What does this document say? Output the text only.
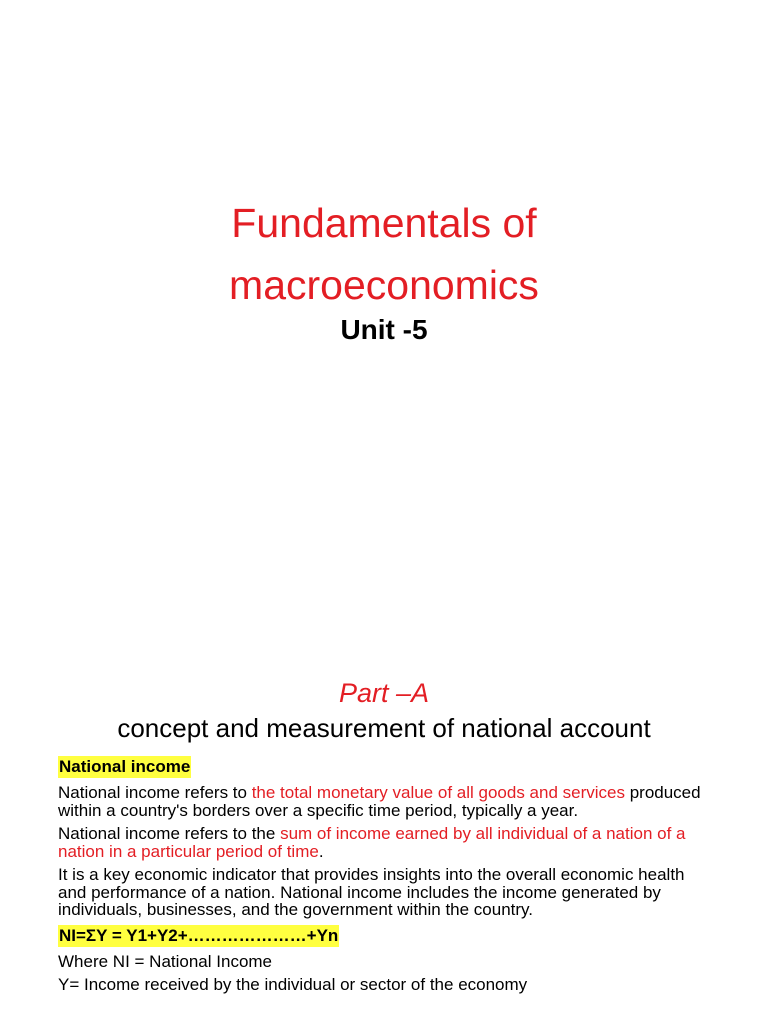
Fundamentals of
macroeconomics
Unit -5
Part –A
concept and measurement of national account

National income

National income refers to the total monetary value of all goods and services produced within a country's borders over a specific time period, typically a year.

National income refers to the sum of income earned by all individual of a nation of a nation in a particular period of time.

It is a key economic indicator that provides insights into the overall economic health and performance of a nation. National income includes the income generated by individuals, businesses, and the government within the country.

NI=ΣY = Y1+Y2+…………………+Yn

Where NI = National Income

Y= Income received by the individual or sector of the economy
